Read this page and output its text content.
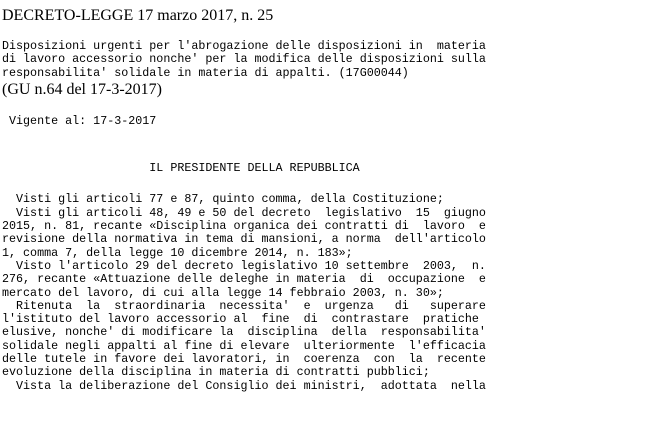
DECRETO-LEGGE 17 marzo 2017, n. 25
Disposizioni urgenti per l'abrogazione delle disposizioni in  materia
di lavoro accessorio nonche' per la modifica delle disposizioni sulla
responsabilita' solidale in materia di appalti. (17G00044)
(GU n.64 del 17-3-2017)
Vigente al: 17-3-2017
IL PRESIDENTE DELLA REPUBBLICA
Visti gli articoli 77 e 87, quinto comma, della Costituzione;
Visti gli articoli 48, 49 e 50 del decreto  legislativo  15  giugno
2015, n. 81, recante «Disciplina organica dei contratti di  lavoro  e
revisione della normativa in tema di mansioni, a norma  dell'articolo
1, comma 7, della legge 10 dicembre 2014, n. 183»;
Visto l'articolo 29 del decreto legislativo 10 settembre  2003,  n.
276, recante «Attuazione delle deleghe in materia  di  occupazione  e
mercato del lavoro, di cui alla legge 14 febbraio 2003, n. 30»;
Ritenuta  la  straordinaria  necessita'  e  urgenza   di   superare
l'istituto del lavoro accessorio al  fine  di  contrastare  pratiche
elusive, nonche' di modificare la  disciplina  della  responsabilita'
solidale negli appalti al fine di elevare  ulteriormente  l'efficacia
delle tutele in favore dei lavoratori, in  coerenza  con  la  recente
evoluzione della disciplina in materia di contratti pubblici;
Vista la deliberazione del Consiglio dei ministri,  adottata  nella
